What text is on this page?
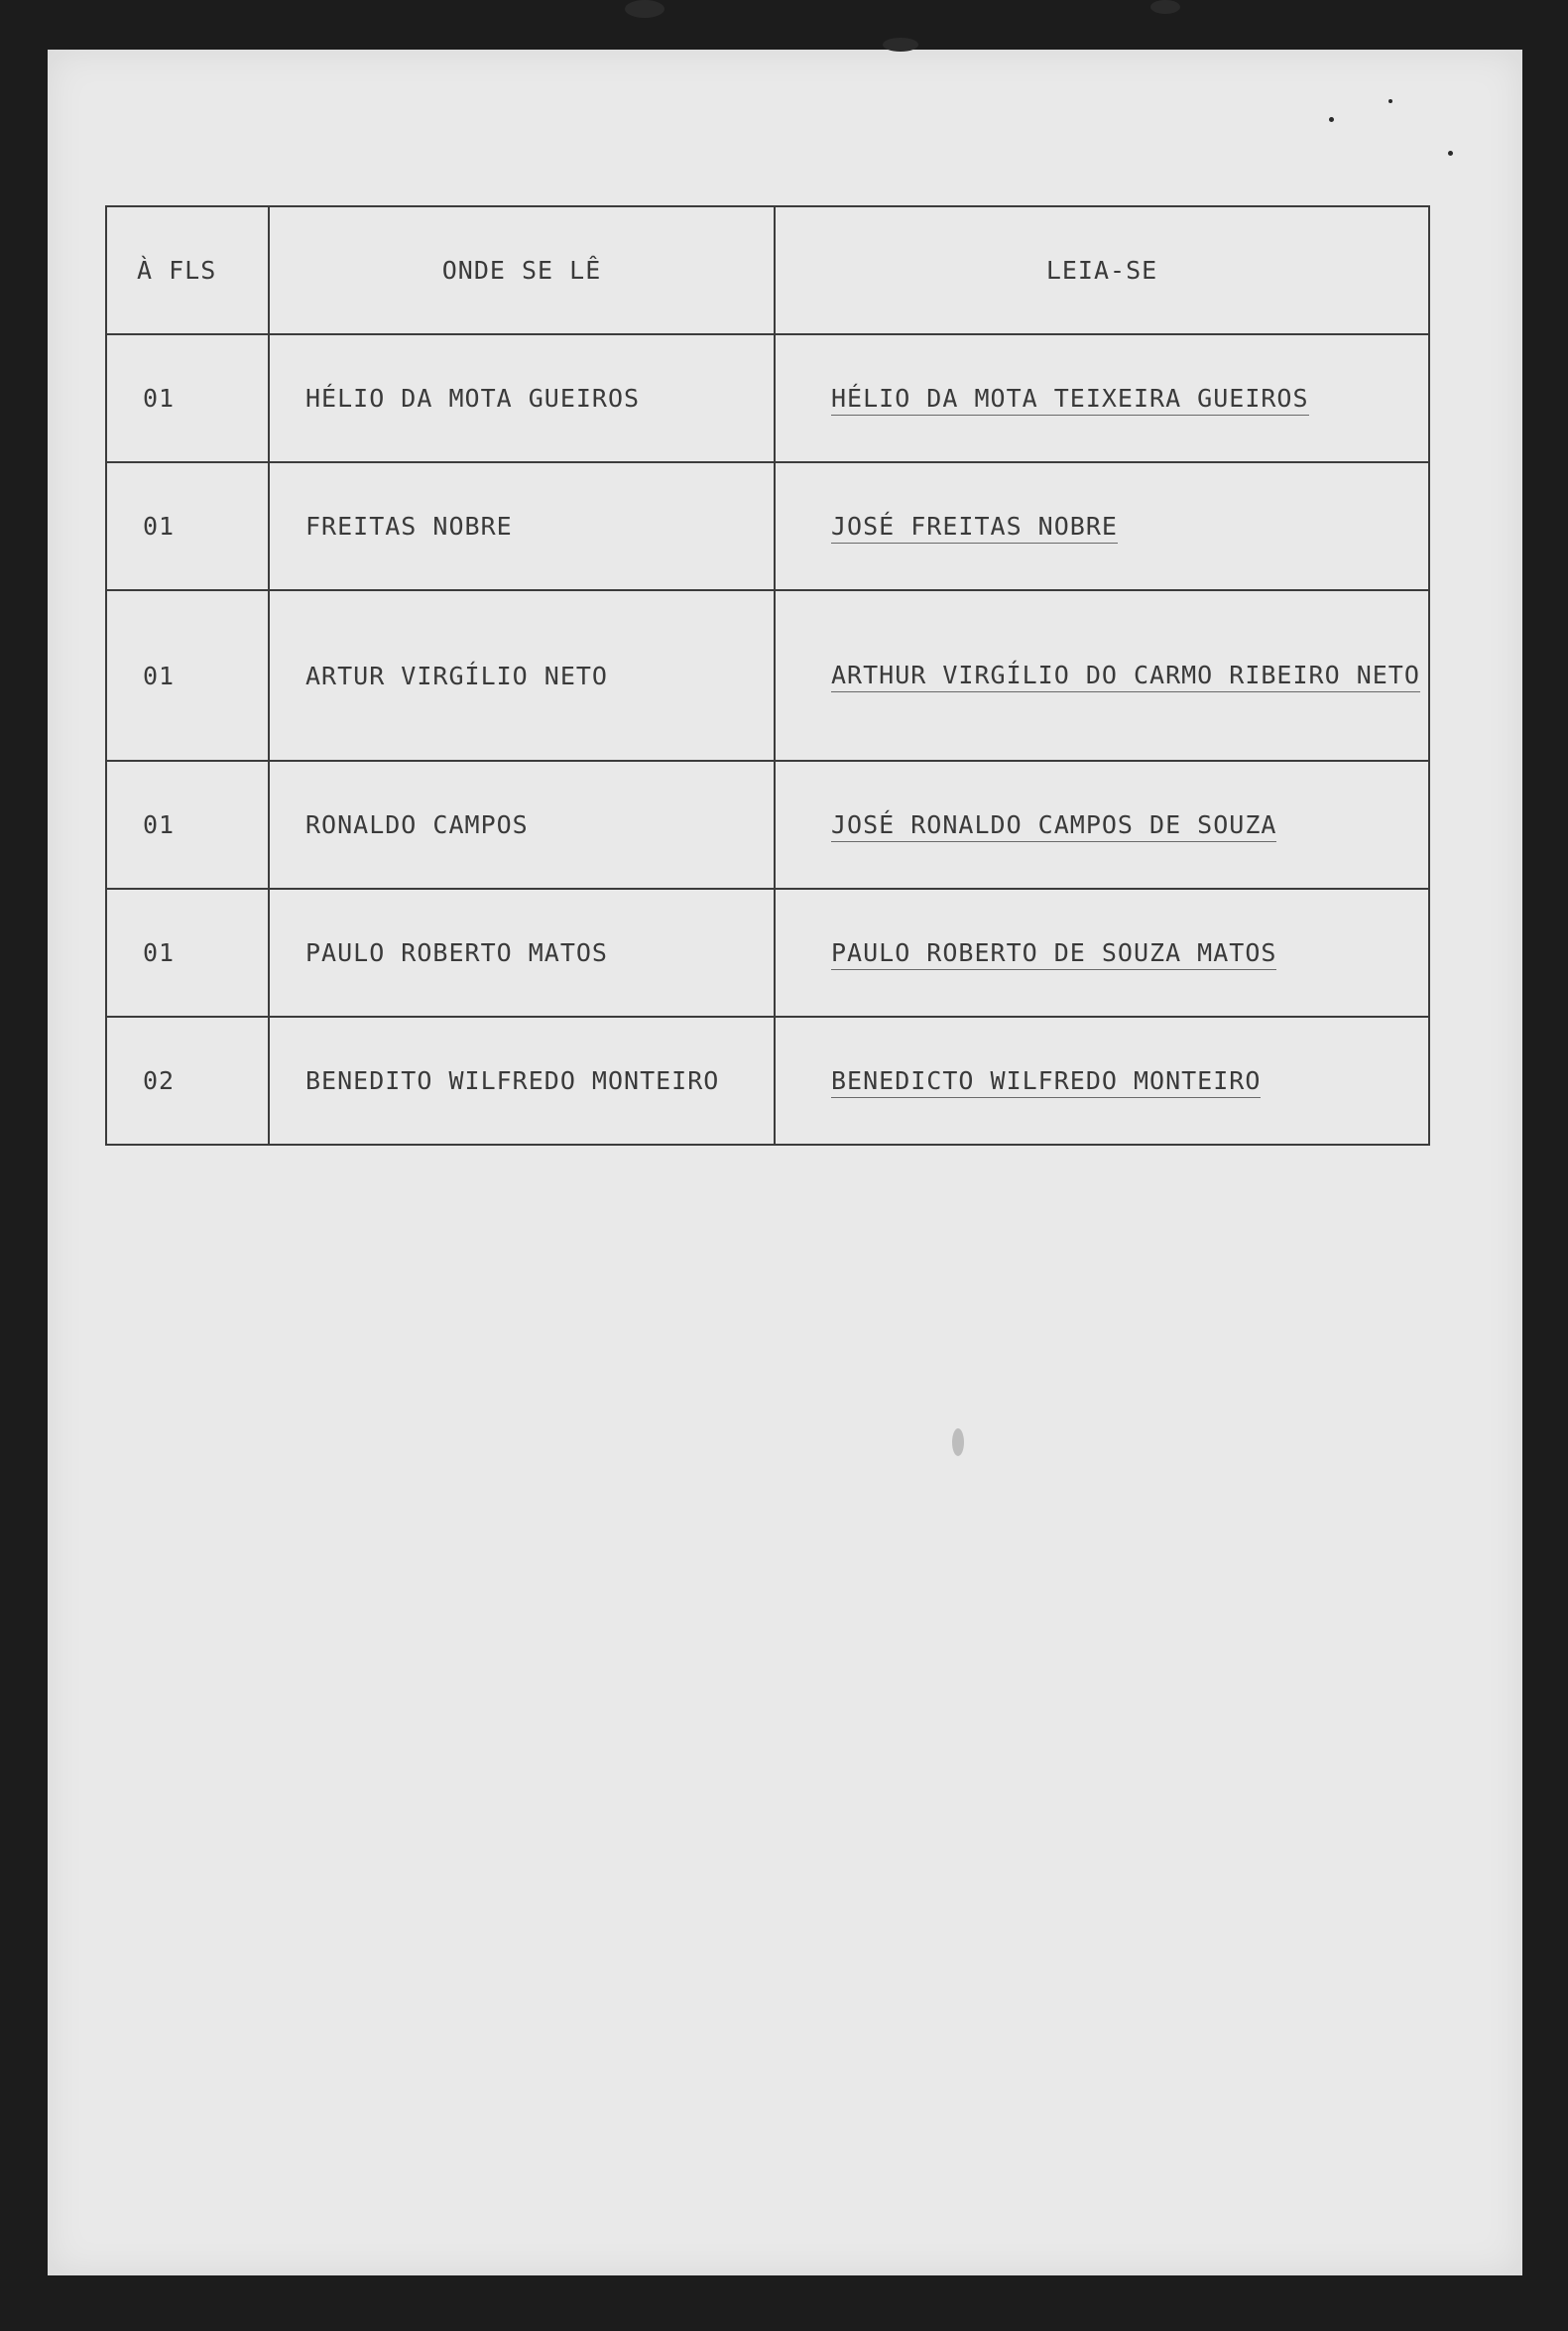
À FLS	ONDE SE LÊ	LEIA-SE
01	HÉLIO DA MOTA GUEIROS	HÉLIO DA MOTA TEIXEIRA GUEIROS
01	FREITAS NOBRE	JOSÉ FREITAS NOBRE
01	ARTUR VIRGÍLIO NETO	ARTHUR VIRGÍLIO DO CARMO RIBEIRO NETO
01	RONALDO CAMPOS	JOSÉ RONALDO CAMPOS DE SOUZA
01	PAULO ROBERTO MATOS	PAULO ROBERTO DE SOUZA MATOS
02	BENEDITO WILFREDO MONTEIRO	BENEDICTO WILFREDO MONTEIRO
